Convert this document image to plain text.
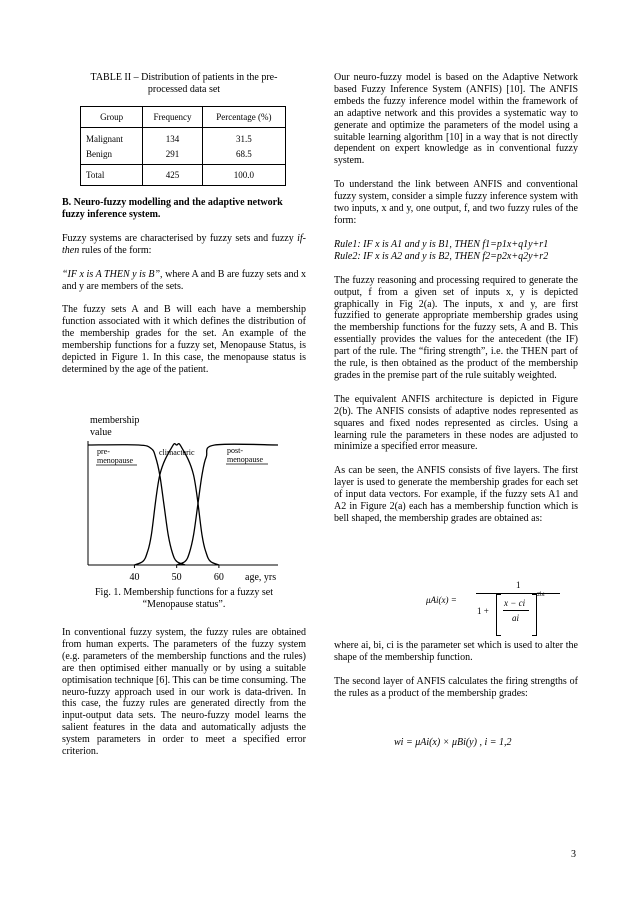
TABLE II – Distribution of patients in the pre-
processed data set
Group	Frequency	Percentage (%)
Malignant	134	31.5
Benign	291	68.5
Total	425	100.0

B. Neuro-fuzzy modelling and the adaptive network
fuzzy inference system.

Fuzzy systems are characterised by fuzzy sets and fuzzy if-then rules of the form:

“IF x is A THEN y is B”, where A and B are fuzzy sets and x and y are members of the sets.

The fuzzy sets A and B will each have a membership function associated with it which defines the distribution of the membership grades for the set. An example of the membership functions for a fuzzy set, Menopause Status, is depicted in Figure 1. In this case, the menopause status is determined by the age of the patient.

membership
value
pre-
menopause
climacteric	post-
menopause
40	50	60 age, yrs
Fig. 1. Membership functions for a fuzzy set
“Menopause status”.

In conventional fuzzy system, the fuzzy rules are obtained from human experts. The parameters of the fuzzy system (e.g. parameters of the membership functions and the rules) are then optimised either manually or by using a suitable optimisation technique [6]. This can be time consuming. The neuro-fuzzy approach used in our work is data-driven. In this case, the fuzzy rules are generated directly from the input-output data sets. The neuro-fuzzy model learns the salient features in the data and automatically adjusts the system parameters in order to meet a specified error criterion.

Our neuro-fuzzy model is based on the Adaptive Network based Fuzzy Inference System (ANFIS) [10]. The ANFIS embeds the fuzzy inference model within the framework of an adaptive network and this provides a systematic way to generate and optimize the parameters of the model using a suitable learning algorithm [10] in a way that is not directly dependent on expert knowledge as in conventional fuzzy system.

To understand the link between ANFIS and conventional fuzzy system, consider a simple fuzzy inference system with two inputs, x and y, one output, f, and two fuzzy rules of the form:

Rule1: IF x is A1 and y is B1, THEN f1=p1x+q1y+r1
Rule2: IF x is A2 and y is B2, THEN f2=p2x+q2y+r2

The fuzzy reasoning and processing required to generate the output, f from a given set of inputs x, y is depicted graphically in Fig 2(a). The inputs, x and y, are first fuzzified to generate appropriate membership grades using the membership functions for the fuzzy sets, A and B. This essentially provides the values for the antecedent (the IF) part of the rule. The “firing strength”, i.e. the THEN part of the rule, is then obtained as the product of the membership grades in the premise part of the rule suitably weighted.

The equivalent ANFIS architecture is depicted in Figure 2(b). The ANFIS consists of adaptive nodes represented as squares and fixed nodes represented as circles. Using a learning rule the parameters in these nodes are adjusted to minimize a specified error measure.

As can be seen, the ANFIS consists of five layers. The first layer is used to generate the membership grades for each set of input data vectors. For example, if the fuzzy sets A1 and A2 in Figure 2(a) each has a membership function which is bell shaped, the membership grades are obtained as:

μAi(x) =
1
1 +
x − ci
ai
2bi

where ai, bi, ci is the parameter set which is used to alter the shape of the membership function.

The second layer of ANFIS calculates the firing strengths of the rules as a product of the membership grades:

wi = μAi(x) × μBi(y) , i = 1,2
3
